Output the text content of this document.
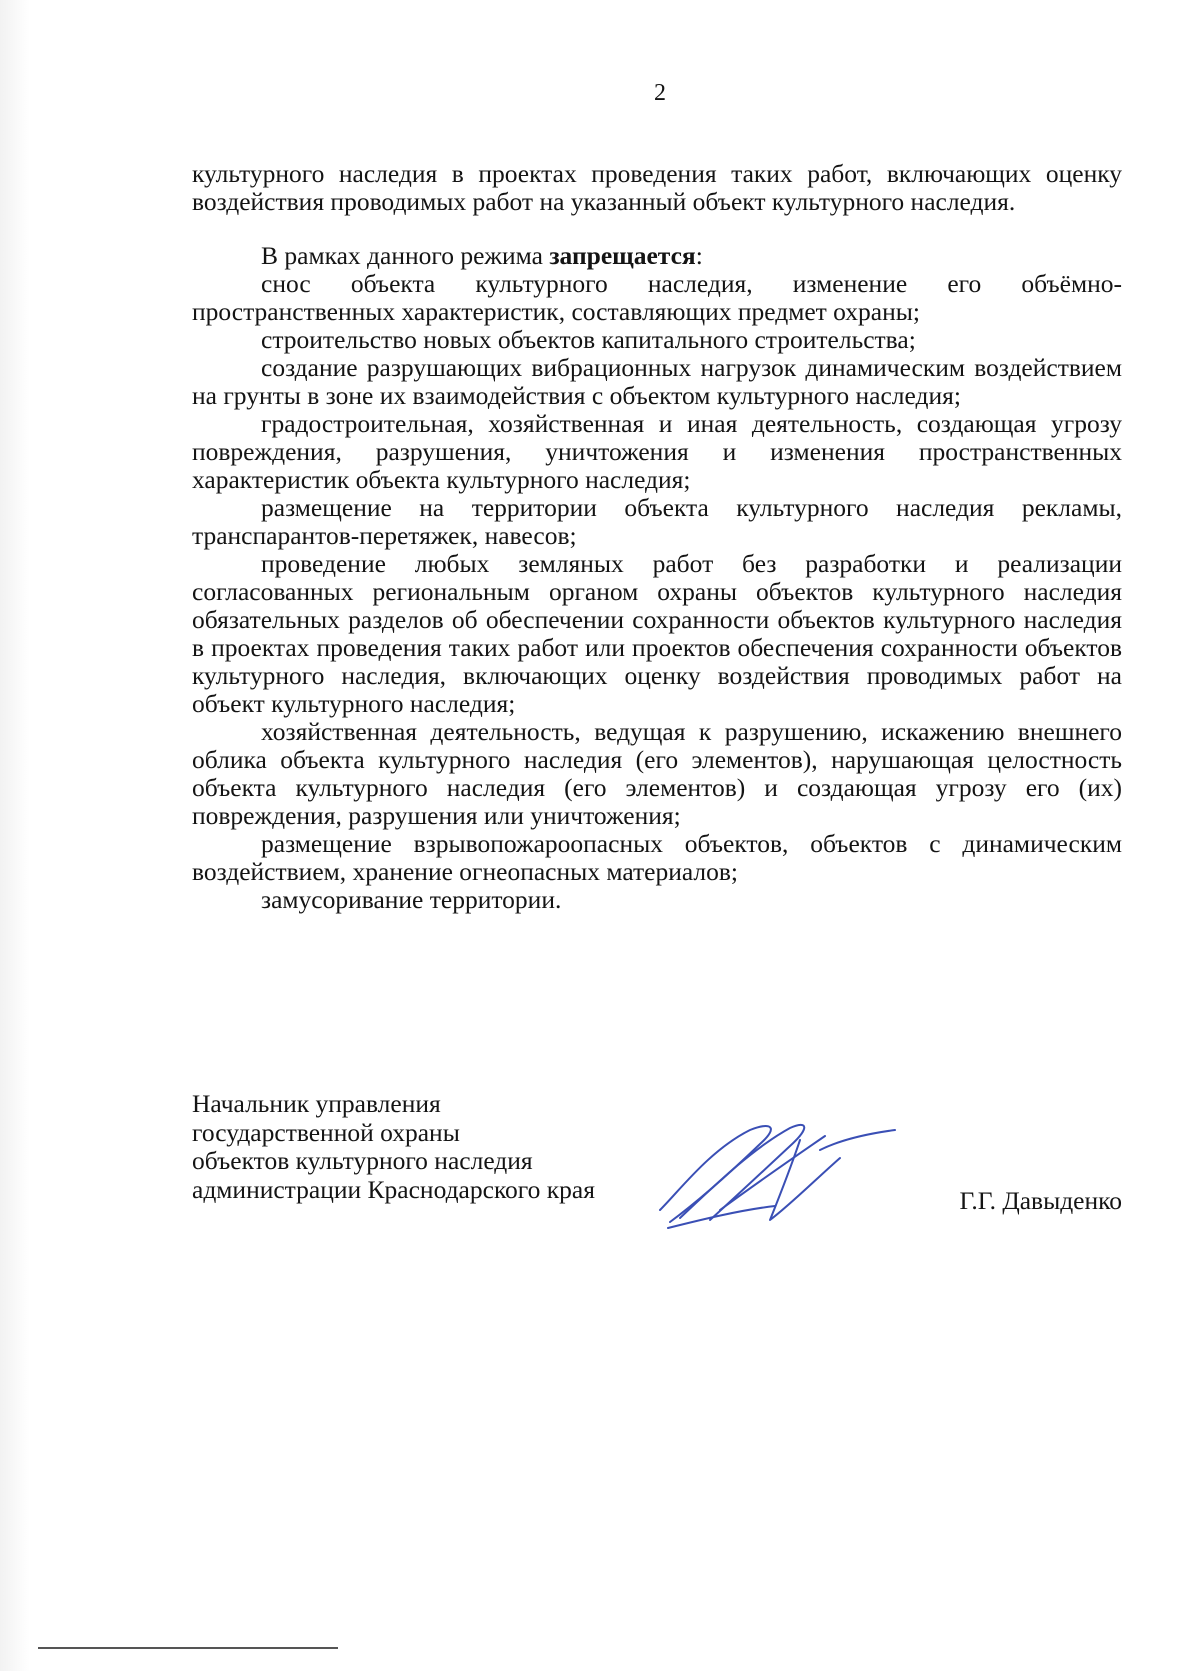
2

культурного наследия в проектах проведения таких работ, включающих оценку воздействия проводимых работ на указанный объект культурного наследия.

В рамках данного режима запрещается:

снос объекта культурного наследия, изменение его объёмно-пространственных характеристик, составляющих предмет охраны;

строительство новых объектов капитального строительства;

создание разрушающих вибрационных нагрузок динамическим воздействием на грунты в зоне их взаимодействия с объектом культурного наследия;

градостроительная, хозяйственная и иная деятельность, создающая угрозу повреждения, разрушения, уничтожения и изменения пространственных характеристик объекта культурного наследия;

размещение на территории объекта культурного наследия рекламы, транспарантов-перетяжек, навесов;

проведение любых земляных работ без разработки и реализации согласованных региональным органом охраны объектов культурного наследия обязательных разделов об обеспечении сохранности объектов культурного наследия в проектах проведения таких работ или проектов обеспечения сохранности объектов культурного наследия, включающих оценку воздействия проводимых работ на объект культурного наследия;

хозяйственная деятельность, ведущая к разрушению, искажению внешнего облика объекта культурного наследия (его элементов), нарушающая целостность объекта культурного наследия (его элементов) и создающая угрозу его (их) повреждения, разрушения или уничтожения;

размещение взрывопожароопасных объектов, объектов с динамическим воздействием, хранение огнеопасных материалов;

замусоривание территории.

Начальник управления
государственной охраны
объектов культурного наследия
администрации Краснодарского края	Г.Г. Давыденко
